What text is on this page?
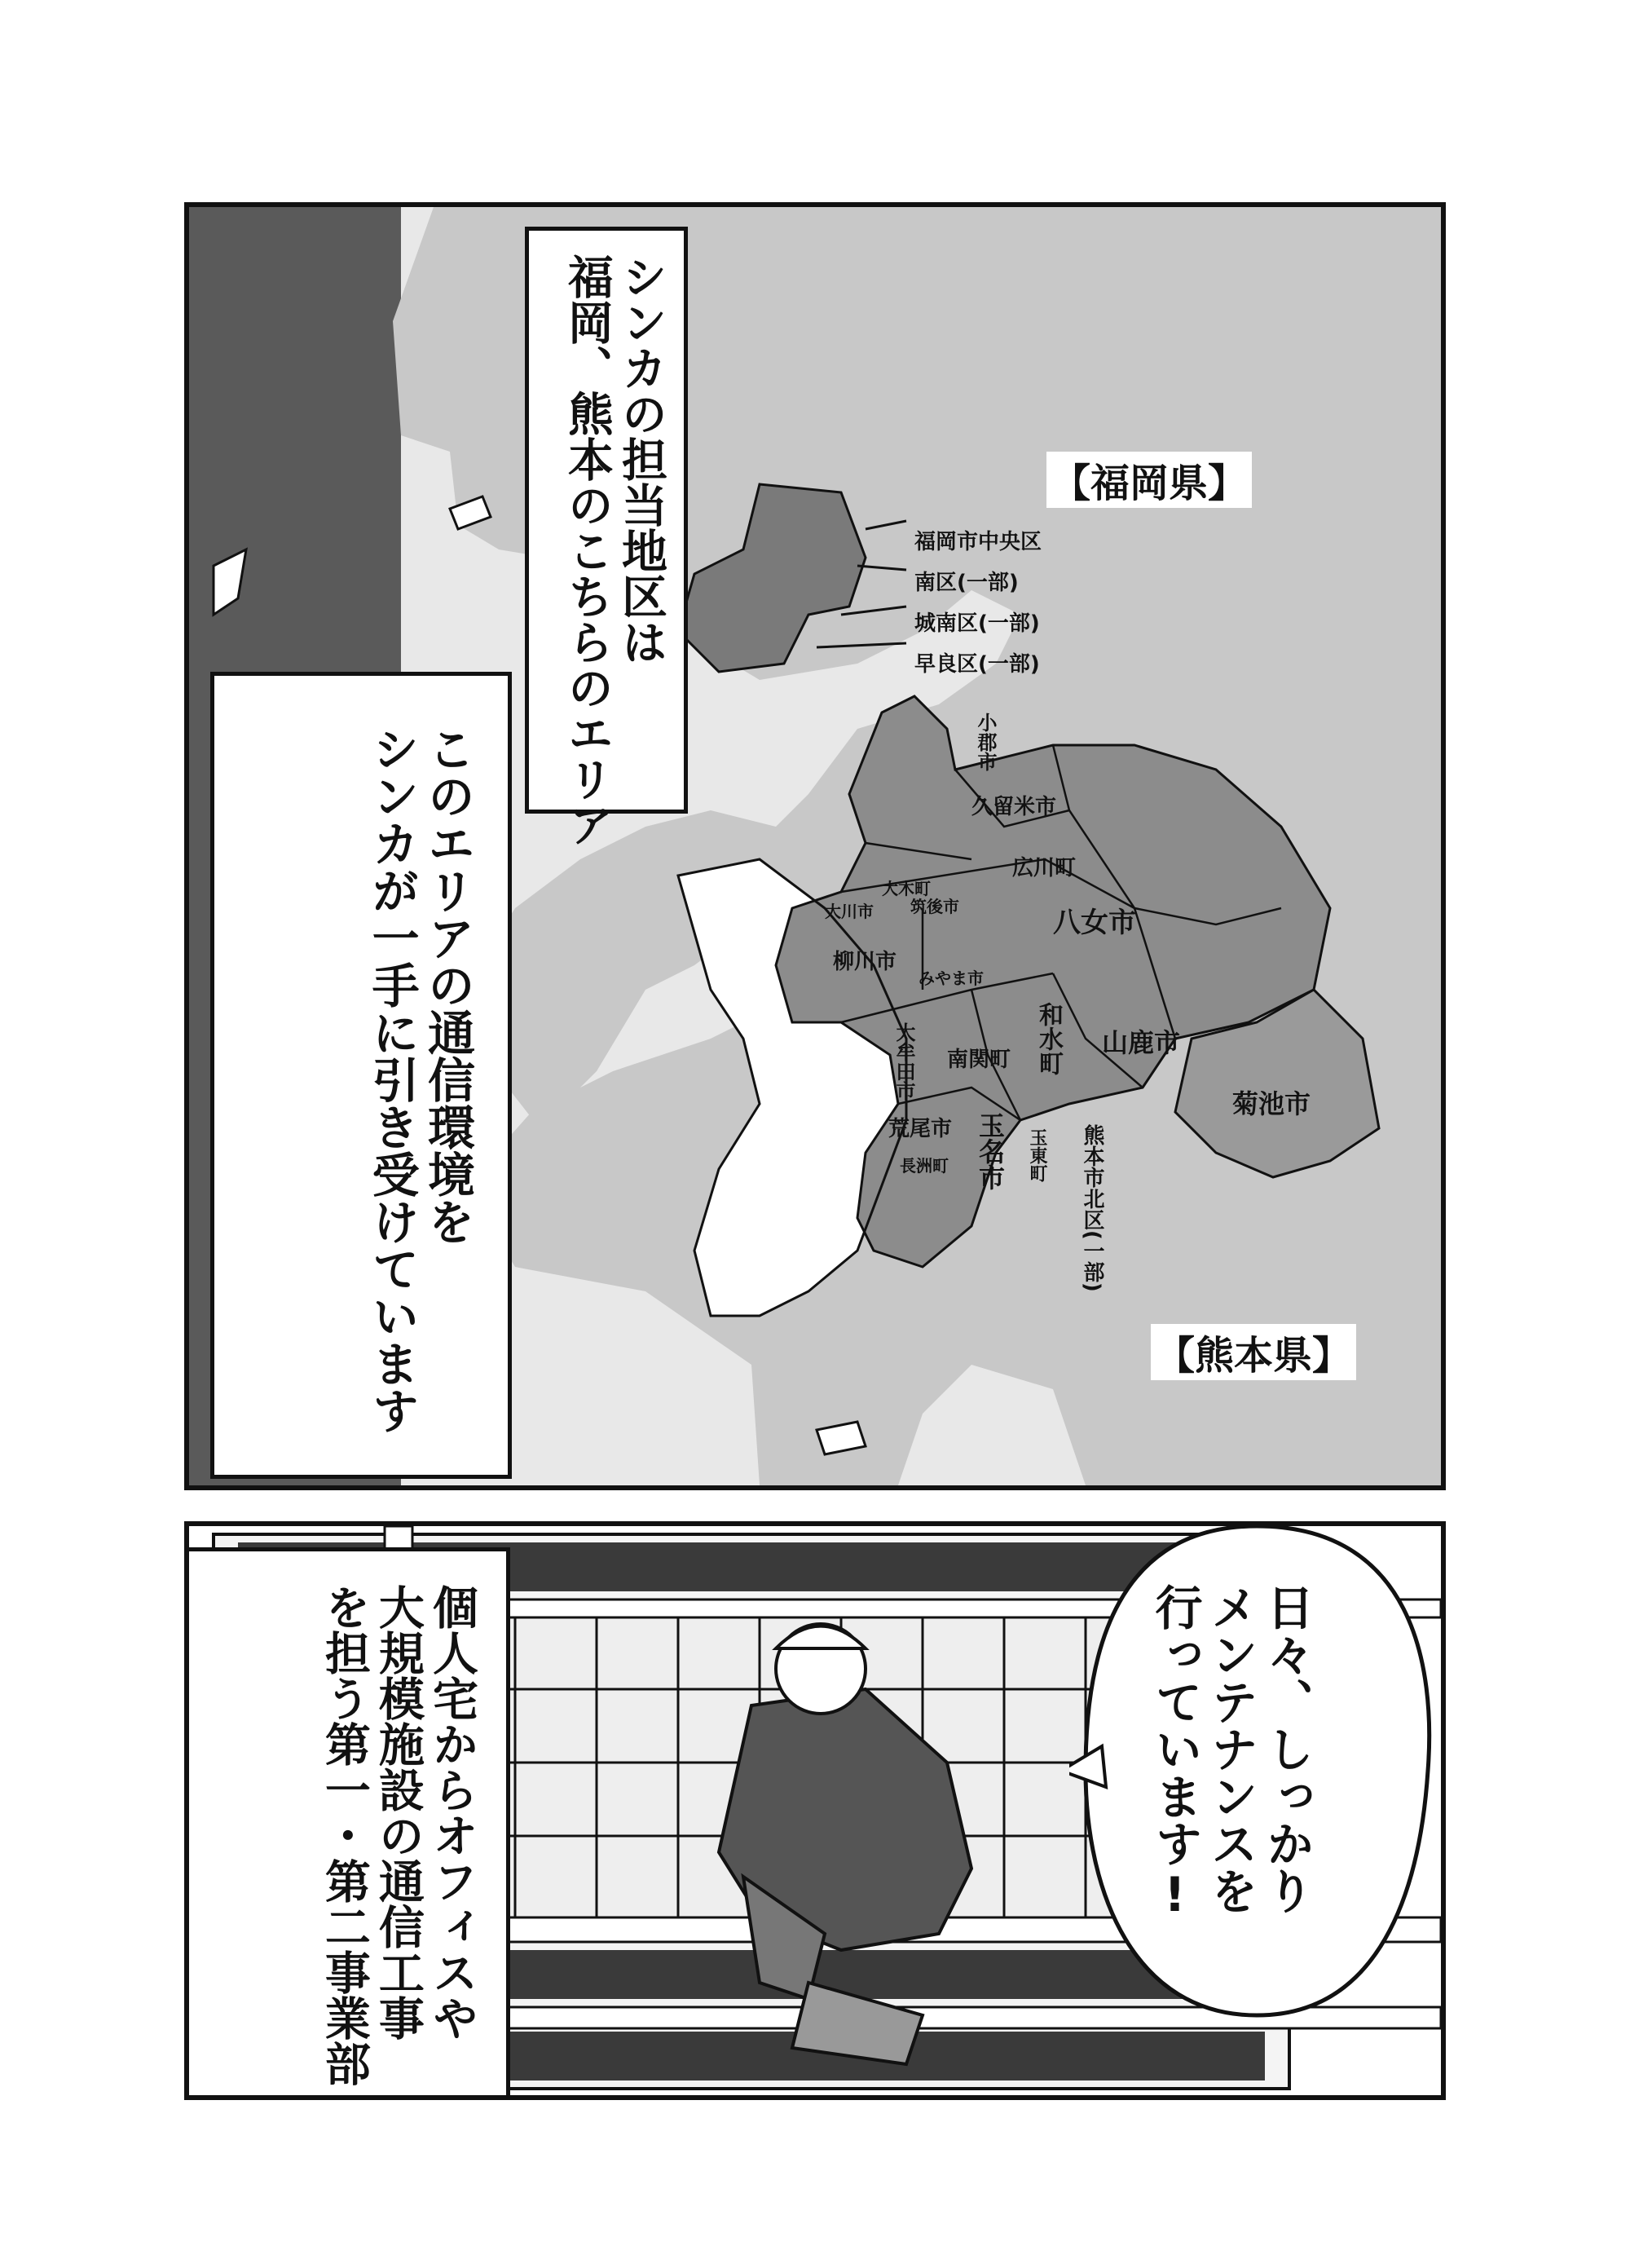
シンカの担当地区は
福岡、熊本のこちらのエリア
このエリアの通信環境を
シンカが一手に引き受けています
【福岡県】
【熊本県】
福岡市中央区
南区(一部)
城南区(一部)
早良区(一部)
小郡市
久留米市
広川町
大木町
大川市 筑後市	八女市
柳川市
みやま市
大牟田市 南関町 和水町 山鹿市
菊池市
荒尾市
長洲町 玉名市 玉東町 熊本市北区(一部)
日々、しっかり
メンテナンスを
行っています!
個人宅からオフィスや
大規模施設の通信工事
を担う第一・第二事業部
